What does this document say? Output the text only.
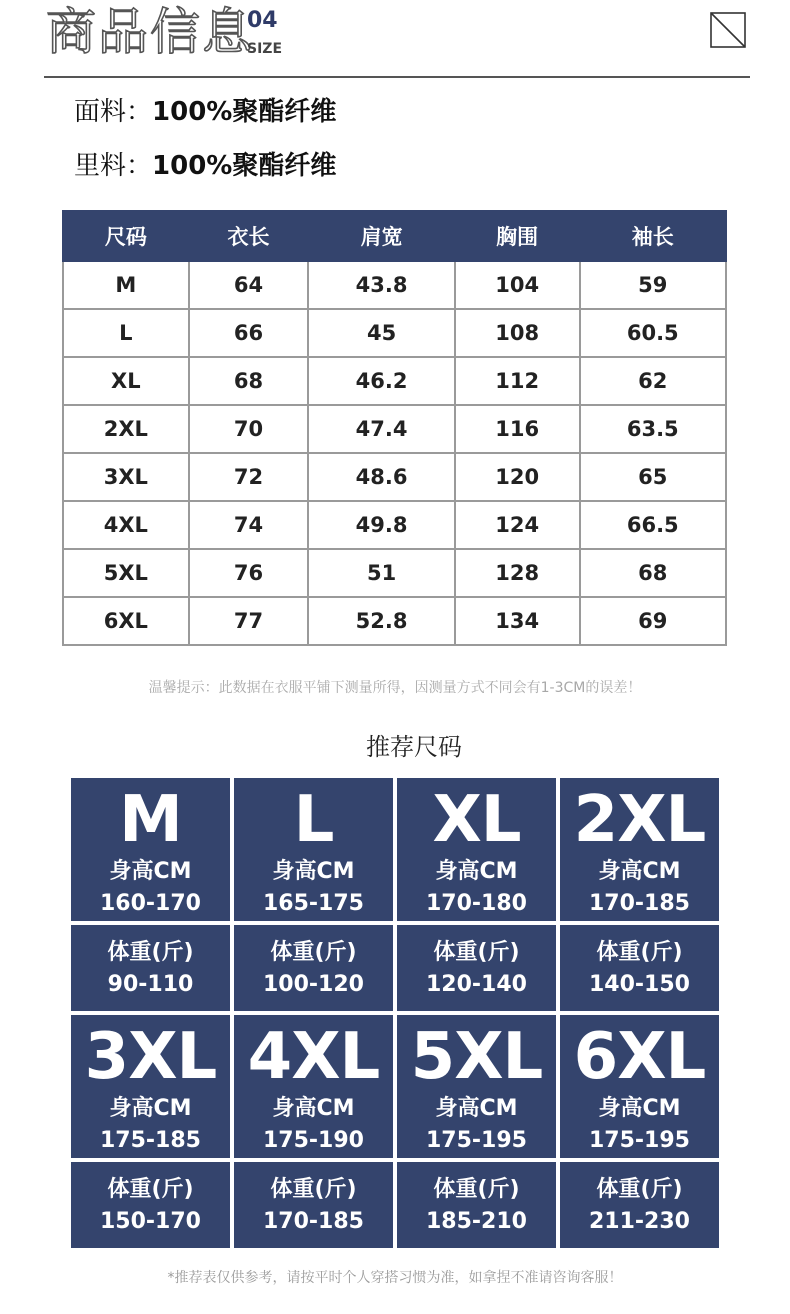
商品信息
04
SIZE
面料：100%聚酯纤维
里料：100%聚酯纤维
尺码	衣长	肩宽	胸围	袖长
M	64	43.8	104	59
L	66	45	108	60.5
XL	68	46.2	112	62
2XL	70	47.4	116	63.5
3XL	72	48.6	120	65
4XL	74	49.8	124	66.5
5XL	76	51	128	68
6XL	77	52.8	134	69
温馨提示：此数据在衣服平铺下测量所得，因测量方式不同会有1-3CM的误差！
推荐尺码
M
身高CM
160-170
体重(斤)
90-110
L
身高CM
165-175
体重(斤)
100-120
XL
身高CM
170-180
体重(斤)
120-140
2XL
身高CM
170-185
体重(斤)
140-150
3XL
身高CM
175-185
体重(斤)
150-170
4XL
身高CM
175-190
体重(斤)
170-185
5XL
身高CM
175-195
体重(斤)
185-210
6XL
身高CM
175-195
体重(斤)
211-230
*推荐表仅供参考，请按平时个人穿搭习惯为准，如拿捏不准请咨询客服！
